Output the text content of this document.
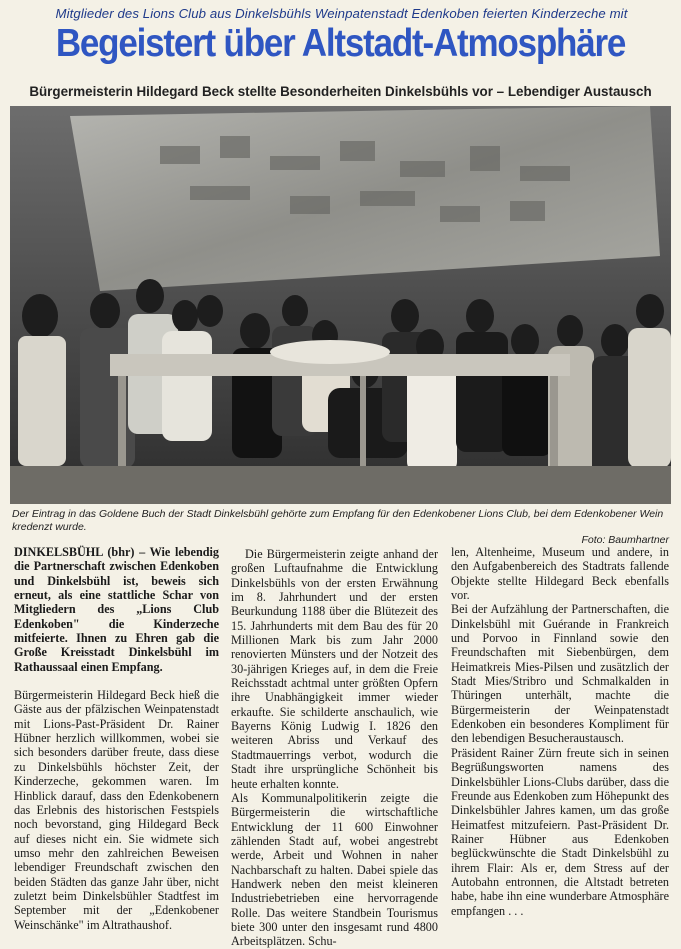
Mitglieder des Lions Club aus Dinkelsbühls Weinpatenstadt Edenkoben feierten Kinderzeche mit
Begeistert über Altstadt-Atmosphäre
Bürgermeisterin Hildegard Beck stellte Besonderheiten Dinkelsbühls vor – Lebendiger Austausch
Der Eintrag in das Goldene Buch der Stadt Dinkelsbühl gehörte zum Empfang für den Edenkobener Lions Club, bei dem Edenkobener Wein kredenzt wurde.
Foto: Baumhartner

DINKELSBÜHL (bhr) – Wie lebendig die Partnerschaft zwischen Edenkoben und Dinkelsbühl ist, beweis sich erneut, als eine stattliche Schar von Mitgliedern des „Lions Club Edenkoben" die Kinderzeche mitfeierte. Ihnen zu Ehren gab die Große Kreisstadt Dinkelsbühl im Rathaussaal einen Empfang.

Bürgermeisterin Hildegard Beck hieß die Gäste aus der pfälzischen Weinpatenstadt mit Lions-Past-Präsident Dr. Rainer Hübner herzlich willkommen, wobei sie sich besonders darüber freute, dass diese zu Dinkelsbühls höchster Zeit, der Kinderzeche, gekommen waren. Im Hinblick darauf, dass den Edenkobenern das Erlebnis des historischen Festspiels noch bevorstand, ging Hildegard Beck auf dieses nicht ein. Sie widmete sich umso mehr den zahlreichen Beweisen lebendiger Freundschaft zwischen den beiden Städten das ganze Jahr über, nicht zuletzt beim Dinkelsbühler Stadtfest im September mit der „Edenkobener Weinschänke" im Altrathaushof.

Die Bürgermeisterin zeigte anhand der großen Luftaufnahme die Entwicklung Dinkelsbühls von der ersten Erwähnung im 8. Jahrhundert und der ersten Beurkundung 1188 über die Blütezeit des 15. Jahrhunderts mit dem Bau des für 20 Millionen Mark bis zum Jahr 2000 renovierten Münsters und der Notzeit des 30-jährigen Krieges auf, in dem die Freie Reichsstadt achtmal unter größten Opfern ihre Unabhängigkeit immer wieder erkaufte. Sie schilderte anschaulich, wie Bayerns König Ludwig I. 1826 den weiteren Abriss und Verkauf des Stadtmauerrings verbot, wodurch die Stadt ihre ursprüngliche Schönheit bis heute erhalten konnte.

Als Kommunalpolitikerin zeigte die Bürgermeisterin die wirtschaftliche Entwicklung der 11 600 Einwohner zählenden Stadt auf, wobei angestrebt werde, Arbeit und Wohnen in naher Nachbarschaft zu halten. Dabei spiele das Handwerk neben den meist kleineren Industriebetrieben eine hervorragende Rolle. Das weitere Standbein Tourismus biete 300 unter den insgesamt rund 4800 Arbeitsplätzen. Schu-

len, Altenheime, Museum und andere, in den Aufgabenbereich des Stadtrats fallende Objekte stellte Hildegard Beck ebenfalls vor.

Bei der Aufzählung der Partnerschaften, die Dinkelsbühl mit Guérande in Frankreich und Porvoo in Finnland sowie den Freundschaften mit Siebenbürgen, dem Heimatkreis Mies-Pilsen und zusätzlich der Stadt Mies/Stribro und Schmalkalden in Thüringen unterhält, machte die Bürgermeisterin der Weinpatenstadt Edenkoben ein besonderes Kompliment für den lebendigen Besucheraustausch.

Präsident Rainer Zürn freute sich in seinen Begrüßungsworten namens des Dinkelsbühler Lions-Clubs darüber, dass die Freunde aus Edenkoben zum Höhepunkt des Dinkelsbühler Jahres kamen, um das große Heimatfest mitzufeiern. Past-Präsident Dr. Rainer Hübner aus Edenkoben beglückwünschte die Stadt Dinkelsbühl zu ihrem Flair: Als er, dem Stress auf der Autobahn entronnen, die Altstadt betreten habe, habe ihn eine wunderbare Atmosphäre empfangen . . .
